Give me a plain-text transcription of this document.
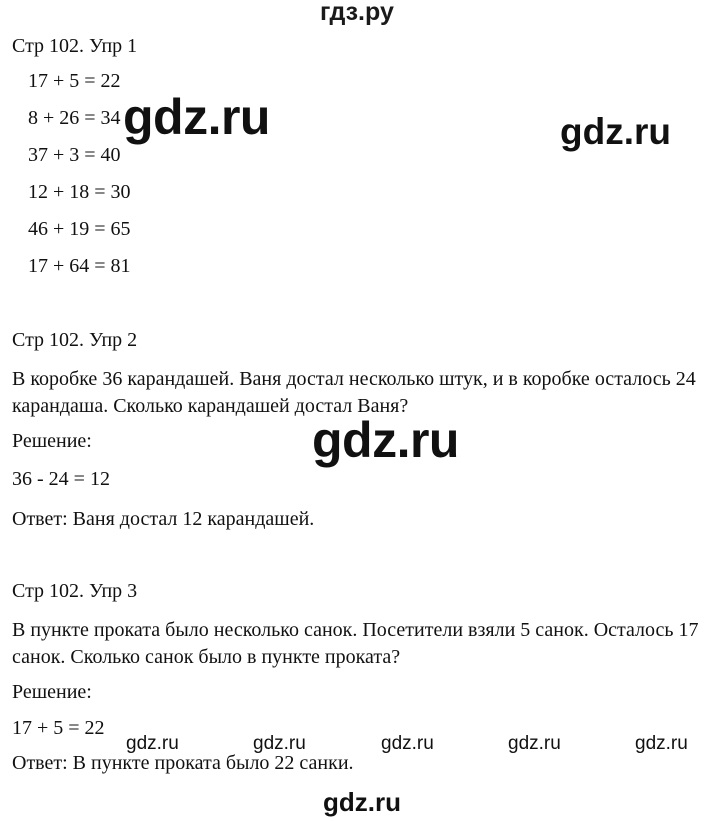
гдз.ру
Стр 102. Упр 1
17 + 5 = 22
8 + 26 = 34
37 + 3 = 40
12 + 18 = 30
46 + 19 = 65
17 + 64 = 81
Стр 102. Упр 2
В коробке 36 карандашей. Ваня достал несколько штук, и в коробке осталось 24 карандаша. Сколько карандашей достал Ваня?
Решение:
36 - 24 = 12
Ответ: Ваня достал 12 карандашей.
Стр 102. Упр 3
В пункте проката было несколько санок. Посетители взяли 5 санок. Осталось 17 санок. Сколько санок было в пункте проката?
Решение:
17 + 5 = 22
Ответ: В пункте проката было 22 санки.
gdz.ru	gdz.ru
gdz.ru
gdz.ru	gdz.ru	gdz.ru	gdz.ru	gdz.ru
gdz.ru
